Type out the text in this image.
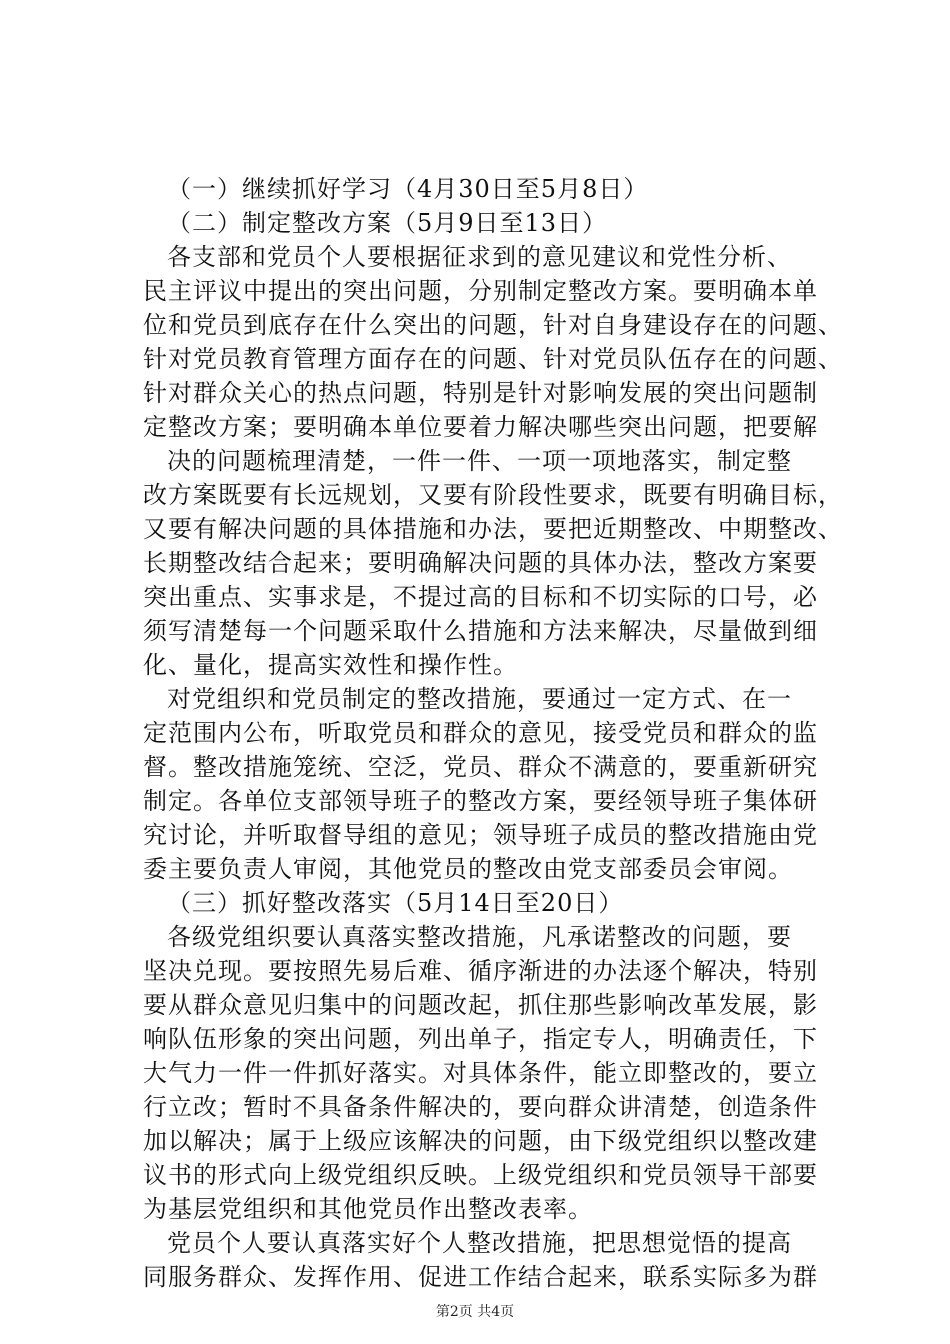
（一）继续抓好学习（4月30日至5月8日）
（二）制定整改方案（5月9日至13日）
各支部和党员个人要根据征求到的意见建议和党性分析、
民主评议中提出的突出问题，分别制定整改方案。要明确本单
位和党员到底存在什么突出的问题，针对自身建设存在的问题、
针对党员教育管理方面存在的问题、针对党员队伍存在的问题、
针对群众关心的热点问题，特别是针对影响发展的突出问题制
定整改方案；要明确本单位要着力解决哪些突出问题，把要解
决的问题梳理清楚，一件一件、一项一项地落实，制定整
改方案既要有长远规划，又要有阶段性要求，既要有明确目标，
又要有解决问题的具体措施和办法，要把近期整改、中期整改、
长期整改结合起来；要明确解决问题的具体办法，整改方案要
突出重点、实事求是，不提过高的目标和不切实际的口号，必
须写清楚每一个问题采取什么措施和方法来解决，尽量做到细
化、量化，提高实效性和操作性。
对党组织和党员制定的整改措施，要通过一定方式、在一
定范围内公布，听取党员和群众的意见，接受党员和群众的监
督。整改措施笼统、空泛，党员、群众不满意的，要重新研究
制定。各单位支部领导班子的整改方案，要经领导班子集体研
究讨论，并听取督导组的意见；领导班子成员的整改措施由党
委主要负责人审阅，其他党员的整改由党支部委员会审阅。
（三）抓好整改落实（5月14日至20日）
各级党组织要认真落实整改措施，凡承诺整改的问题，要
坚决兑现。要按照先易后难、循序渐进的办法逐个解决，特别
要从群众意见归集中的问题改起，抓住那些影响改革发展，影
响队伍形象的突出问题，列出单子，指定专人，明确责任，下
大气力一件一件抓好落实。对具体条件，能立即整改的，要立
行立改；暂时不具备条件解决的，要向群众讲清楚，创造条件
加以解决；属于上级应该解决的问题，由下级党组织以整改建
议书的形式向上级党组织反映。上级党组织和党员领导干部要
为基层党组织和其他党员作出整改表率。
党员个人要认真落实好个人整改措施，把思想觉悟的提高
同服务群众、发挥作用、促进工作结合起来，联系实际多为群
第2页 共4页
